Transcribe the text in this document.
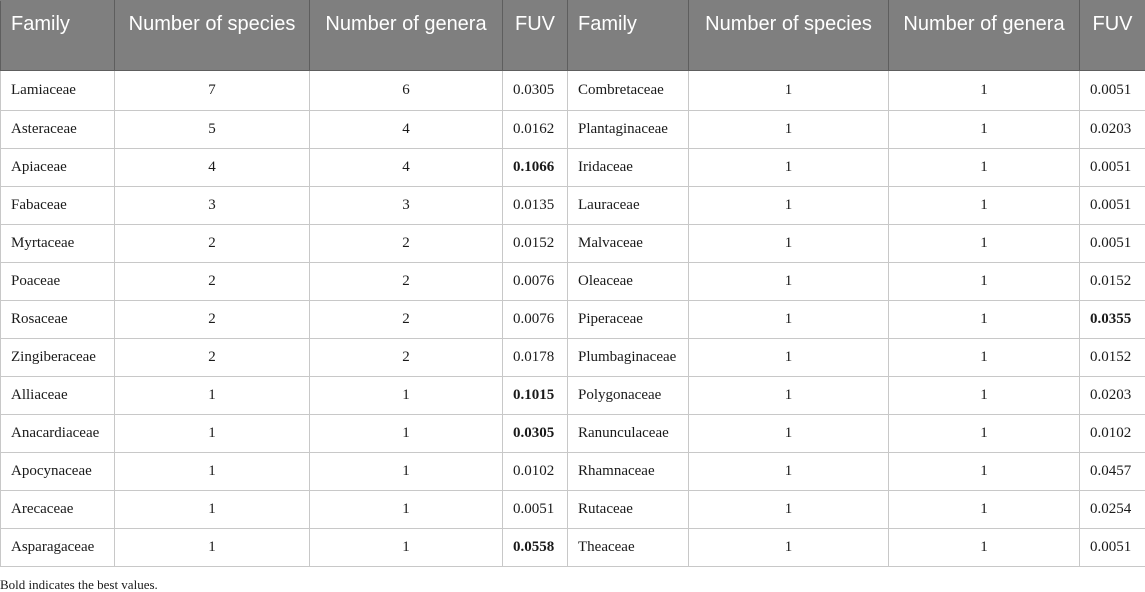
Family	Number of species	Number of genera	FUV	Family	Number of species	Number of genera	FUV

Lamiaceae	7	6	0.0305	Combretaceae	1	1	0.0051
Asteraceae	5	4	0.0162	Plantaginaceae	1	1	0.0203
Apiaceae	4	4	0.1066	Iridaceae	1	1	0.0051
Fabaceae	3	3	0.0135	Lauraceae	1	1	0.0051
Myrtaceae	2	2	0.0152	Malvaceae	1	1	0.0051
Poaceae	2	2	0.0076	Oleaceae	1	1	0.0152
Rosaceae	2	2	0.0076	Piperaceae	1	1	0.0355
Zingiberaceae	2	2	0.0178	Plumbaginaceae	1	1	0.0152
Alliaceae	1	1	0.1015	Polygonaceae	1	1	0.0203
Anacardiaceae	1	1	0.0305	Ranunculaceae	1	1	0.0102
Apocynaceae	1	1	0.0102	Rhamnaceae	1	1	0.0457
Arecaceae	1	1	0.0051	Rutaceae	1	1	0.0254
Asparagaceae	1	1	0.0558	Theaceae	1	1	0.0051
Bold indicates the best values.
